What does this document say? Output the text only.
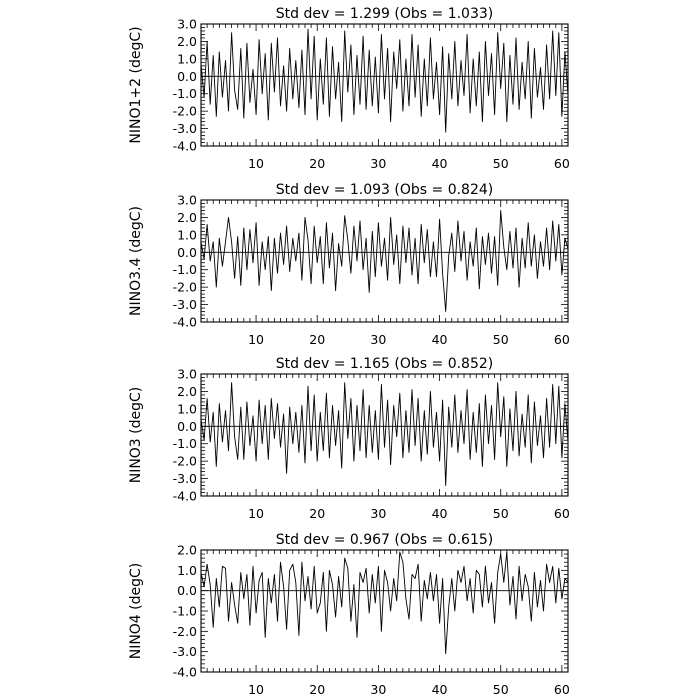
10	20	30	40	50	60
-4.0
-3.0
-2.0
-1.0
0.0
1.0
2.0
3.0
Std dev = 1.299 (Obs = 1.033)
NINO1+2 (degC)
10	20	30	40	50	60
-4.0
-3.0
-2.0
-1.0
0.0
1.0
2.0
3.0
Std dev = 1.093 (Obs = 0.824)
NINO3.4 (degC)
10	20	30	40	50	60
-4.0
-3.0
-2.0
-1.0
0.0
1.0
2.0
3.0
Std dev = 1.165 (Obs = 0.852)
NINO3 (degC)
10	20	30	40	50	60
-4.0
-3.0
-2.0
-1.0
0.0
1.0
2.0
Std dev = 0.967 (Obs = 0.615)
NINO4 (degC)
